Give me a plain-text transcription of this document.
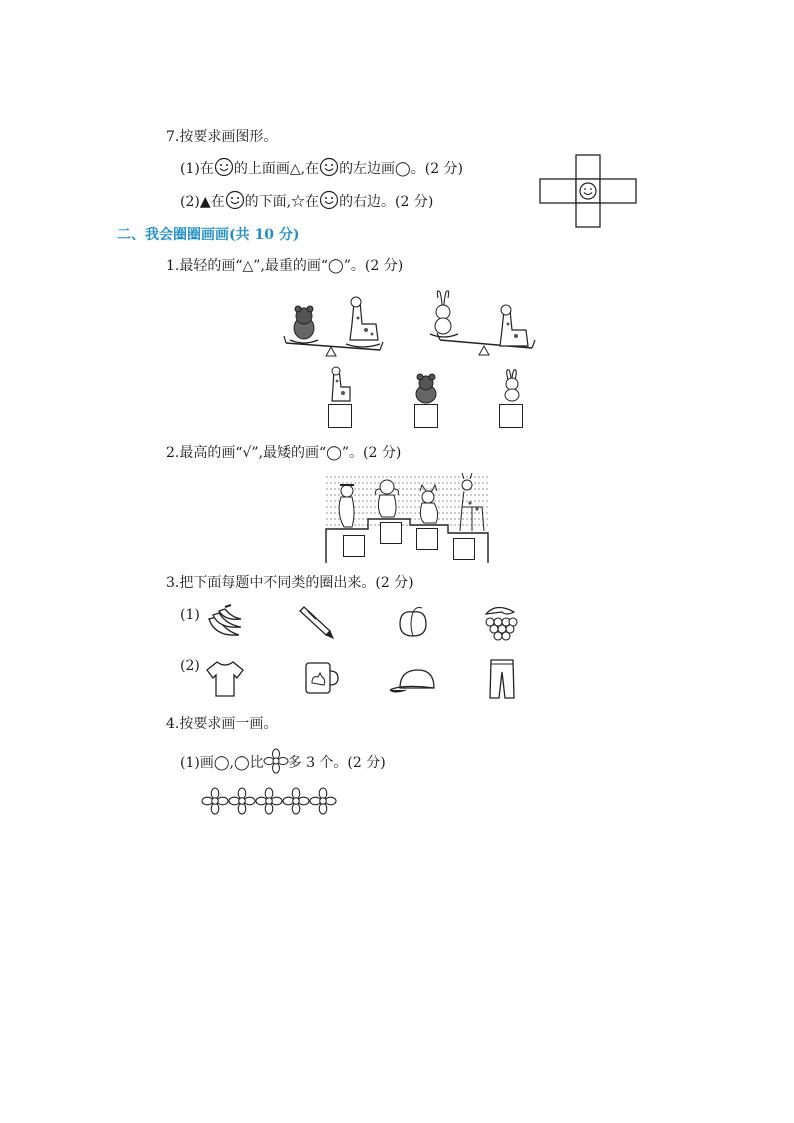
7.按要求画图形。
(1)在 的上面画△,在 的左边画◯。(2 分)
(2)▲在 的下面,☆在 的右边。(2 分)
二、我会圈圈画画(共 10 分)
1.最轻的画“△”,最重的画“◯”。(2 分)
2.最高的画“√”,最矮的画“◯”。(2 分)
3.把下面每题中不同类的圈出来。(2 分)
(1)
(2)
4.按要求画一画。
(1)画◯,◯比 多 3 个。(2 分)
